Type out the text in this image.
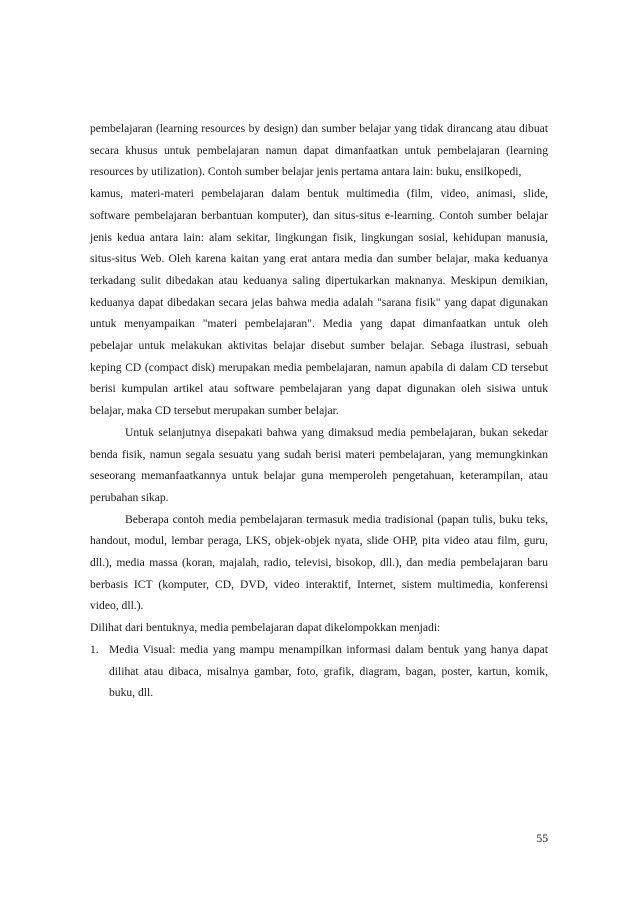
pembelajaran (learning resources by design) dan sumber belajar yang tidak dirancang atau dibuat secara khusus untuk pembelajaran namun dapat dimanfaatkan untuk pembelajaran (learning resources by utilization). Contoh sumber belajar jenis pertama antara lain: buku, ensilkopedi,

kamus, materi-materi pembelajaran dalam bentuk multimedia (film, video, animasi, slide, software pembelajaran berbantuan komputer), dan situs-situs e-learning. Contoh sumber belajar jenis kedua antara lain: alam sekitar, lingkungan fisik, lingkungan sosial, kehidupan manusia, situs-situs Web. Oleh karena kaitan yang erat antara media dan sumber belajar, maka keduanya terkadang sulit dibedakan atau keduanya saling dipertukarkan maknanya. Meskipun demikian, keduanya dapat dibedakan secara jelas bahwa media adalah "sarana fisik" yang dapat digunakan untuk menyampaikan "materi pembelajaran". Media yang dapat dimanfaatkan untuk oleh pebelajar untuk melakukan aktivitas belajar disebut sumber belajar. Sebaga ilustrasi, sebuah keping CD (compact disk) merupakan media pembelajaran, namun apabila di dalam CD tersebut berisi kumpulan artikel atau software pembelajaran yang dapat digunakan oleh sisiwa untuk belajar, maka CD tersebut merupakan sumber belajar.

Untuk selanjutnya disepakati bahwa yang dimaksud media pembelajaran, bukan sekedar benda fisik, namun segala sesuatu yang sudah berisi materi pembelajaran, yang memungkinkan seseorang memanfaatkannya untuk belajar guna memperoleh pengetahuan, keterampilan, atau perubahan sikap.

Beberapa contoh media pembelajaran termasuk media tradisional (papan tulis, buku teks, handout, modul, lembar peraga, LKS, objek-objek nyata, slide OHP, pita video atau film, guru, dll.), media massa (koran, majalah, radio, televisi, bisokop, dll.), dan media pembelajaran baru berbasis ICT (komputer, CD, DVD, video interaktif, Internet, sistem multimedia, konferensi video, dll.).

Dilihat dari bentuknya, media pembelajaran dapat dikelompokkan menjadi:

1. Media Visual: media yang mampu menampilkan informasi dalam bentuk yang hanya dapat dilihat atau dibaca, misalnya gambar, foto, grafik, diagram, bagan, poster, kartun, komik, buku, dll.
55
